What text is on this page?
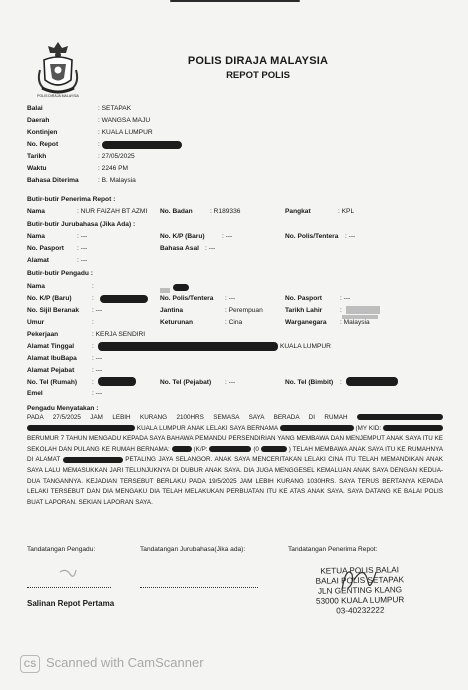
POLIS DIRAJA MALAYSIA
POLIS DIRAJA MALAYSIA
REPOT POLIS
Balai	: SETAPAK
Daerah	: WANGSA MAJU
Kontinjen	: KUALA LUMPUR
No. Repot	:
Tarikh	: 27/05/2025
Waktu	: 2246 PM
Bahasa Diterima	: B. Malaysia
Butir-butir Penerima Repot :
Nama	: NUR FAIZAH BT AZMI No. Badan	: R189336	Pangkat	: KPL
Butir-butir Jurubahasa (Jika Ada) :
Nama	: ---	No. K/P (Baru)	: ---	No. Polis/Tentera : ---
No. Pasport : ---	Bahasa Asal : ---
Alamat	: ---
Butir-butir Pengadu :
Nama	:
No. K/P (Baru)	:	No. Polis/Tentera : ---	No. Pasport	: ---
No. Sijil Beranak : ---	Jantina	: Perempuan	Tarikh Lahir	:
Umur	:	Keturunan	: Cina	Warganegara : Malaysia
Pekerjaan	: KERJA SENDIRI
Alamat Tinggal	:	KUALA LUMPUR
Alamat IbuBapa : ---
Alamat Pejabat	: ---
No. Tel (Rumah) :	No. Tel (Pejabat) : ---	No. Tel (Bimbit) :
Emel	: ---
Pengadu Menyatakan :
PADA 27/5/2025 JAM LEBIH KURANG 2100HRS SEMASA SAYA BERADA DI RUMAH   KUALA LUMPUR ANAK LELAKI SAYA BERNAMA	(MY KID:  BERUMUR 7 TAHUN MENGADU KEPADA SAYA BAHAWA PEMANDU PERSENDIRIAN YANG MEMBAWA DAN MENJEMPUT ANAK SAYA ITU KE SEKOLAH DAN PULANG KE RUMAH BERNAMA:	(K/P:	(0	) TELAH MEMBAWA ANAK SAYA ITU KE RUMAHNYA DI ALAMAT	PETALING JAYA SELANGOR. ANAK SAYA MENCERITAKAN LELAKI CINA ITU TELAH MEMANDIKAN ANAK SAYA LALU MEMASUKKAN JARI TELUNJUKNYA DI DUBUR ANAK SAYA. DIA JUGA MENGGESEL KEMALUAN ANAK SAYA DENGAN KEDUA-DUA TANGANNYA. KEJADIAN TERSEBUT BERLAKU PADA 19/5/2025 JAM LEBIH KURANG 1030HRS. SAYA TERUS BERTANYA KEPADA LELAKI TERSEBUT DAN DIA MENGAKU DIA TELAH MELAKUKAN PERBUATAN ITU KE ATAS ANAK SAYA. SAYA DATANG KE BALAI POLIS BUAT LAPORAN. SEKIAN LAPORAN SAYA.
Tandatangan Pengadu:	Tandatangan Jurubahasa(Jika ada):	Tandatangan Penerima Repot:
Salinan Repot Pertama
KETUA POLIS BALAI
BALAI POLIS SETAPAK
JLN GENTING KLANG
53000 KUALA LUMPUR
03-40232222
CS Scanned with CamScanner
